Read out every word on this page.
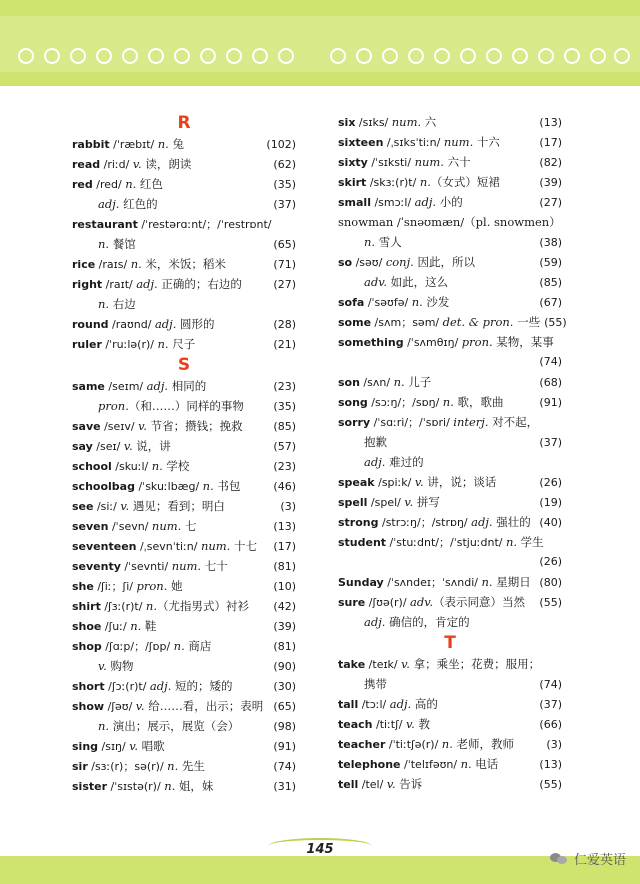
R
rabbit /ˈræbɪt/ n. 兔	(102)
read /riːd/ v. 读，朗读	(62)
red /red/ n. 红色	(35)
adj. 红色的	(37)
restaurant /ˈrestərɑːnt/；/ˈrestrɒnt/
n. 餐馆	(65)
rice /raɪs/ n. 米，米饭；稻米	(71)
right /raɪt/ adj. 正确的；右边的	(27)
n. 右边
round /raʊnd/ adj. 圆形的	(28)
ruler /ˈruːlə(r)/ n. 尺子	(21)
S
same /seɪm/ adj. 相同的	(23)
pron.（和……）同样的事物	(35)
save /seɪv/ v. 节省；攒钱；挽救	(85)
say /seɪ/ v. 说，讲	(57)
school /skuːl/ n. 学校	(23)
schoolbag /ˈskuːlbæg/ n. 书包	(46)
see /siː/ v. 遇见；看到；明白	(3)
seven /ˈsevn/ num. 七	(13)
seventeen /ˌsevnˈtiːn/ num. 十七	(17)
seventy /ˈsevnti/ num. 七十	(81)
she /ʃiː；ʃi/ pron. 她	(10)
shirt /ʃɜː(r)t/ n.（尤指男式）衬衫	(42)
shoe /ʃuː/ n. 鞋	(39)
shop /ʃɑːp/；/ʃɒp/ n. 商店	(81)
v. 购物	(90)
short /ʃɔː(r)t/ adj. 短的；矮的	(30)
show /ʃəʊ/ v. 给……看，出示；表明 (65)
n. 演出；展示，展览（会）	(98)
sing /sɪŋ/ v. 唱歌	(91)
sir /sɜː(r)；sə(r)/ n. 先生	(74)
sister /ˈsɪstə(r)/ n. 姐，妹	(31)
six /sɪks/ num. 六	(13)
sixteen /ˌsɪksˈtiːn/ num. 十六	(17)
sixty /ˈsɪksti/ num. 六十	(82)
skirt /skɜː(r)t/ n.（女式）短裙	(39)
small /smɔːl/ adj. 小的	(27)
snowman /ˈsnəʊmæn/（pl. snowmen）
n. 雪人	(38)
so /səʊ/ conj. 因此，所以	(59)
adv. 如此，这么	(85)
sofa /ˈsəʊfə/ n. 沙发	(67)
some /sʌm；səm/ det. & pron. 一些 (55)
something /ˈsʌmθɪŋ/ pron. 某物，某事
(74)
son /sʌn/ n. 儿子	(68)
song /sɔːŋ/；/sɒŋ/ n. 歌，歌曲	(91)
sorry /ˈsɑːri/；/ˈsɒri/ interj. 对不起，
抱歉	(37)
adj. 难过的
speak /spiːk/ v. 讲，说；谈话	(26)
spell /spel/ v. 拼写	(19)
strong /strɔːŋ/；/strɒŋ/ adj. 强壮的 (40)
student /ˈstuːdnt/；/ˈstjuːdnt/ n. 学生
(26)
Sunday /ˈsʌndeɪ；ˈsʌndi/ n. 星期日 (80)
sure /ʃʊə(r)/ adv.（表示同意）当然	(55)
adj. 确信的，肯定的
T
take /teɪk/ v. 拿；乘坐；花费；服用；
携带	(74)
tall /tɔːl/ adj. 高的	(37)
teach /tiːtʃ/ v. 教	(66)
teacher /ˈtiːtʃə(r)/ n. 老师，教师	(3)
telephone /ˈtelɪfəʊn/ n. 电话	(13)
tell /tel/ v. 告诉	(55)
145
仁爱英语
